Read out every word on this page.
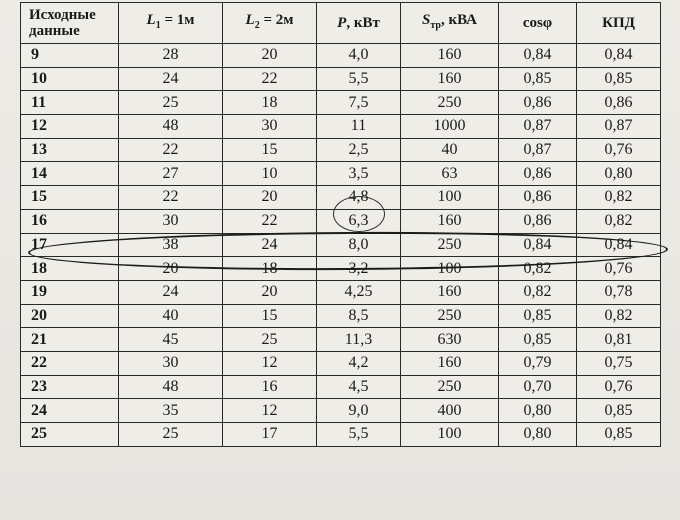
Исходные
данные	$L_1 = 1м$	$L_2 = 2м$	P, кВт	$S_{тр}$, кВА	cosφ	КПД
9	28	20	4,0	160	0,84	0,84
10	24	22	5,5	160	0,85	0,85
11	25	18	7,5	250	0,86	0,86
12	48	30	11	1000	0,87	0,87
13	22	15	2,5	40	0,87	0,76
14	27	10	3,5	63	0,86	0,80
15	22	20	4,8	100	0,86	0,82
16	30	22	6,3	160	0,86	0,82
17	38	24	8,0	250	0,84	0,84
18	20	18	3,2	100	0,82	0,76
19	24	20	4,25	160	0,82	0,78
20	40	15	8,5	250	0,85	0,82
21	45	25	11,3	630	0,85	0,81
22	30	12	4,2	160	0,79	0,75
23	48	16	4,5	250	0,70	0,76
24	35	12	9,0	400	0,80	0,85
25	25	17	5,5	100	0,80	0,85
